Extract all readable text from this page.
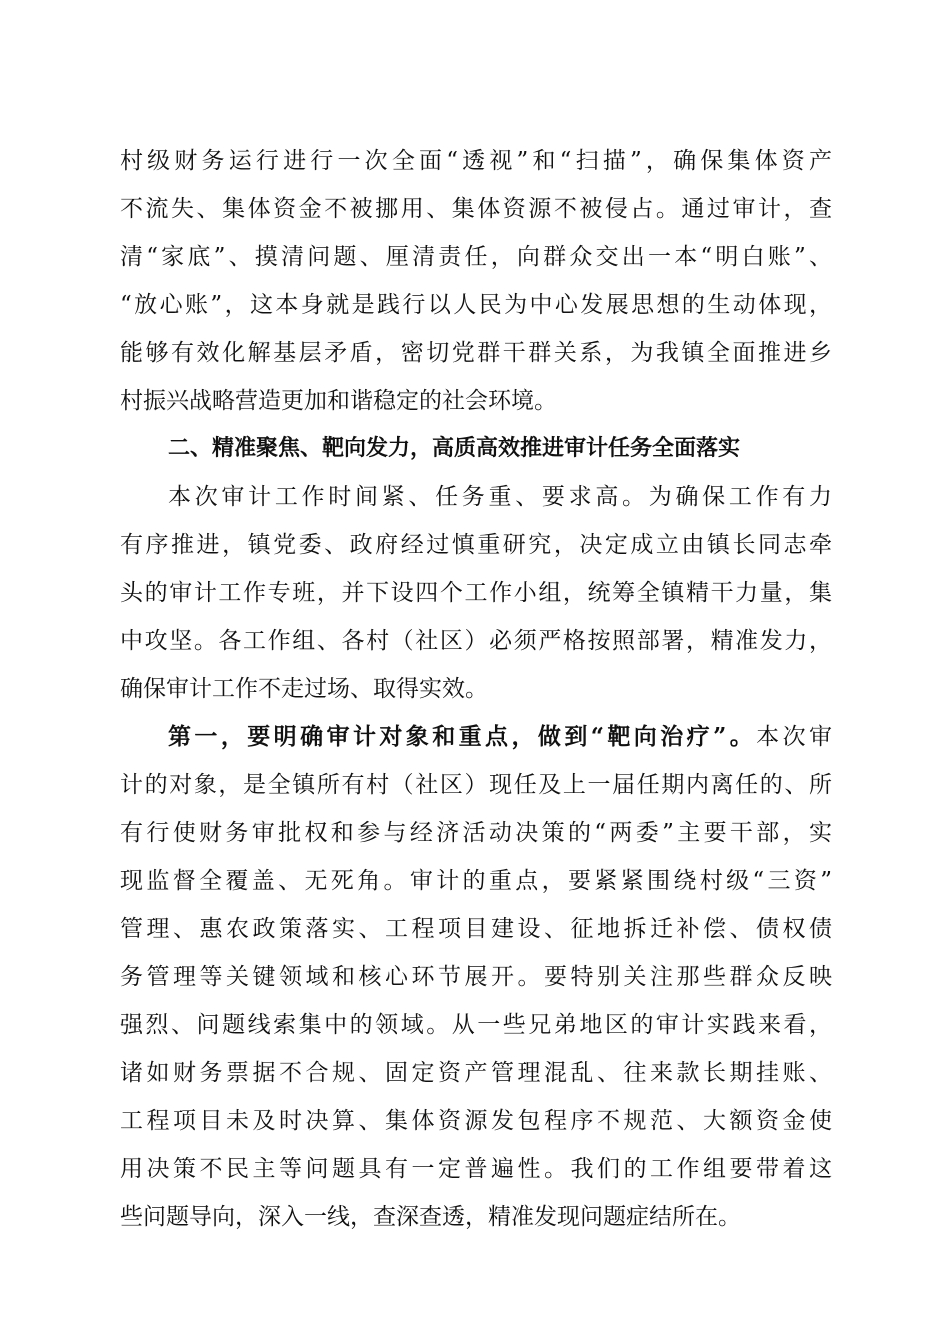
村级财务运行进行一次全面“透视”和“扫描”，确保集体资产
不流失、集体资金不被挪用、集体资源不被侵占。通过审计，查
清“家底”、摸清问题、厘清责任，向群众交出一本“明白账”、
“放心账”，这本身就是践行以人民为中心发展思想的生动体现，
能够有效化解基层矛盾，密切党群干群关系，为我镇全面推进乡
村振兴战略营造更加和谐稳定的社会环境。
二、精准聚焦、靶向发力，高质高效推进审计任务全面落实
本次审计工作时间紧、任务重、要求高。为确保工作有力
有序推进，镇党委、政府经过慎重研究，决定成立由镇长同志牵
头的审计工作专班，并下设四个工作小组，统筹全镇精干力量，集
中攻坚。各工作组、各村（社区）必须严格按照部署，精准发力，
确保审计工作不走过场、取得实效。
第一，要明确审计对象和重点，做到“靶向治疗”。本次审
计的对象，是全镇所有村（社区）现任及上一届任期内离任的、所
有行使财务审批权和参与经济活动决策的“两委”主要干部，实
现监督全覆盖、无死角。审计的重点，要紧紧围绕村级“三资”
管理、惠农政策落实、工程项目建设、征地拆迁补偿、债权债
务管理等关键领域和核心环节展开。要特别关注那些群众反映
强烈、问题线索集中的领域。从一些兄弟地区的审计实践来看，
诸如财务票据不合规、固定资产管理混乱、往来款长期挂账、
工程项目未及时决算、集体资源发包程序不规范、大额资金使
用决策不民主等问题具有一定普遍性。我们的工作组要带着这
些问题导向，深入一线，查深查透，精准发现问题症结所在。
